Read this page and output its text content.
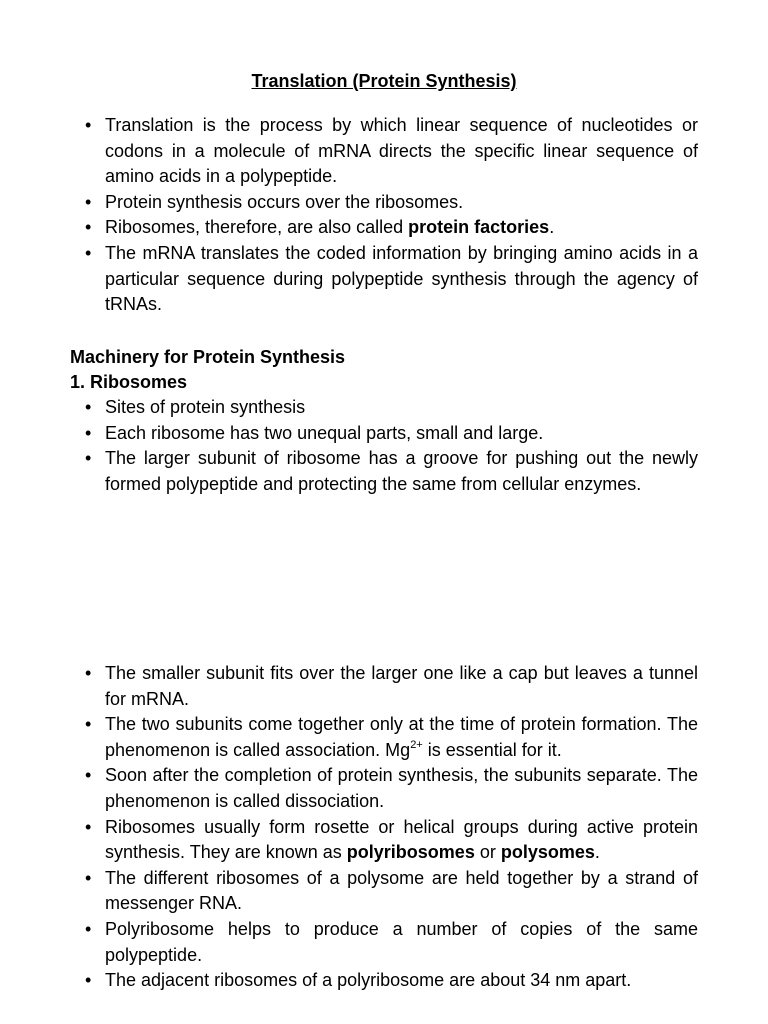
Translation (Protein Synthesis)
• Translation is the process by which linear sequence of nucleotides or codons in a molecule of mRNA directs the specific linear sequence of amino acids in a polypeptide.
• Protein synthesis occurs over the ribosomes.
• Ribosomes, therefore, are also called protein factories.
• The mRNA translates the coded information by bringing amino acids in a particular sequence during polypeptide synthesis through the agency of tRNAs.
Machinery for Protein Synthesis
1. Ribosomes
• Sites of protein synthesis
• Each ribosome has two unequal parts, small and large.
• The larger subunit of ribosome has a groove for pushing out the newly formed polypeptide and protecting the same from cellular enzymes.
• The smaller subunit fits over the larger one like a cap but leaves a tunnel for mRNA.
• The two subunits come together only at the time of protein formation. The phenomenon is called association. $Mg^{2+}$ is essential for it.
• Soon after the completion of protein synthesis, the subunits separate. The phenomenon is called dissociation.
• Ribosomes usually form rosette or helical groups during active protein synthesis. They are known as polyribosomes or polysomes.
• The different ribosomes of a polysome are held together by a strand of messenger RNA.
• Polyribosome helps to produce a number of copies of the same polypeptide.
• The adjacent ribosomes of a polyribosome are about 34 nm apart.
